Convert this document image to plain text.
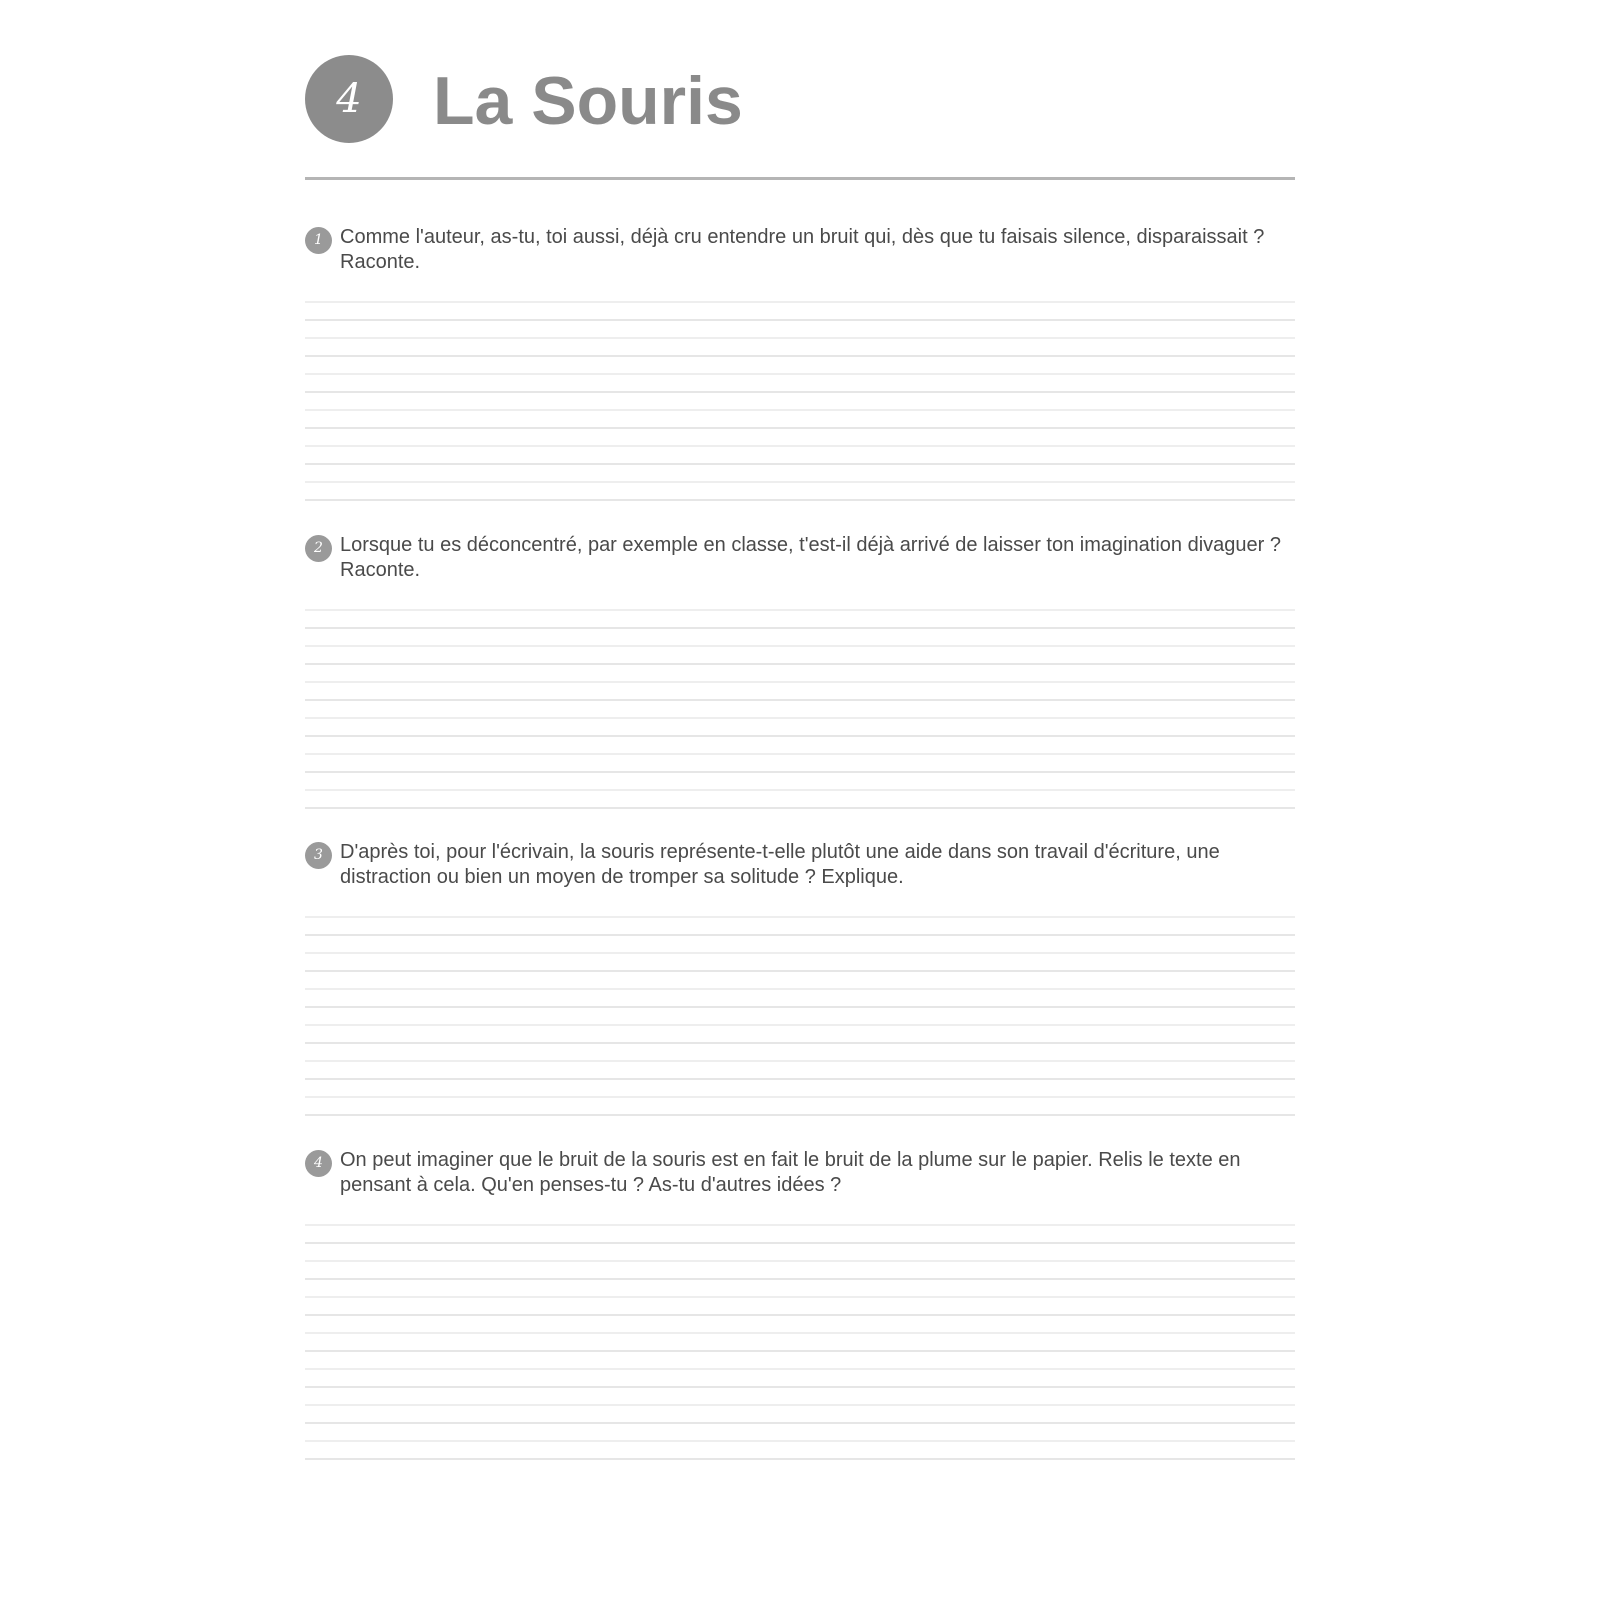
4	La Souris
1 Comme l'auteur, as-tu, toi aussi, déjà cru entendre un bruit qui, dès que tu faisais silence, disparaissait ? Raconte.
2 Lorsque tu es déconcentré, par exemple en classe, t'est-il déjà arrivé de laisser ton imagination divaguer ? Raconte.
3 D'après toi, pour l'écrivain, la souris représente-t-elle plutôt une aide dans son travail d'écriture, une distraction ou bien un moyen de tromper sa solitude ? Explique.
4 On peut imaginer que le bruit de la souris est en fait le bruit de la plume sur le papier. Relis le texte en pensant à cela. Qu'en penses-tu ? As-tu d'autres idées ?
